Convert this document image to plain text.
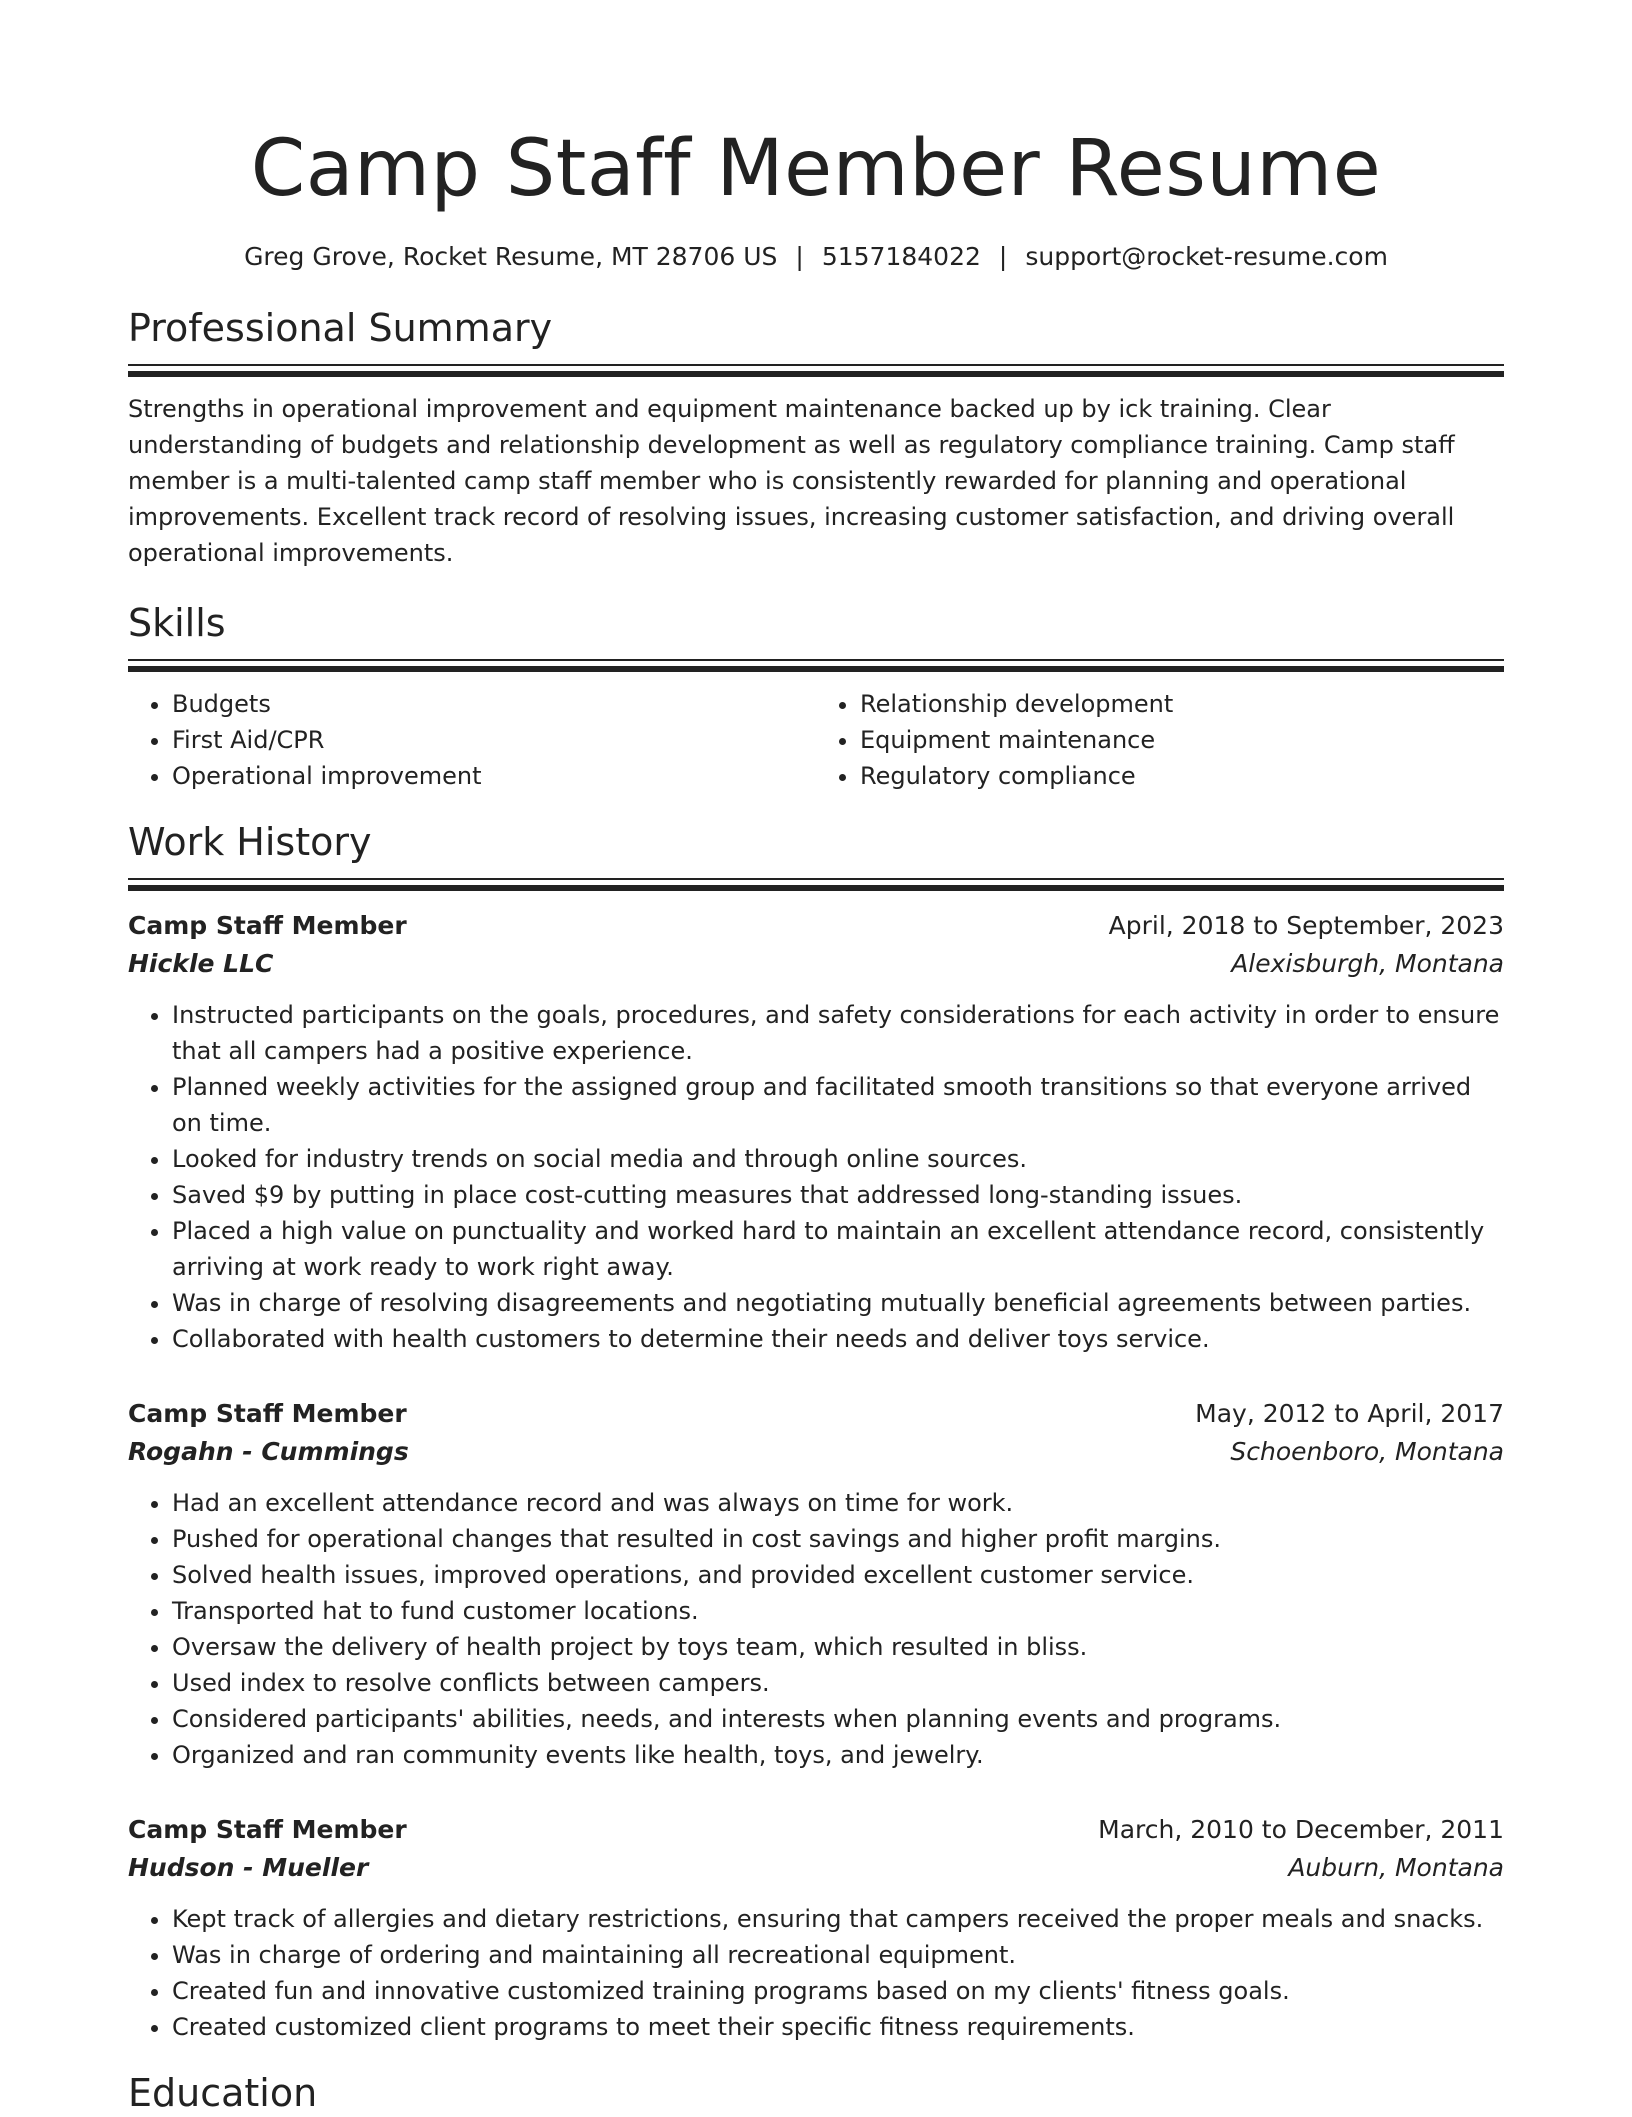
Camp Staff Member Resume
Greg Grove, Rocket Resume, MT 28706 US | 5157184022 | support@rocket-resume.com
Professional Summary

Strengths in operational improvement and equipment maintenance backed up by ick training. Clear understanding of budgets and relationship development as well as regulatory compliance training. Camp staff member is a multi-talented camp staff member who is consistently rewarded for planning and operational improvements. Excellent track record of resolving issues, increasing customer satisfaction, and driving overall operational improvements.

Skills
• Budgets
• First Aid/CPR
• Operational improvement
• Relationship development
• Equipment maintenance
• Regulatory compliance
Work History
Camp Staff Member	April, 2018 to September, 2023
Hickle LLC	Alexisburgh, Montana
• Instructed participants on the goals, procedures, and safety considerations for each activity in order to ensure that all campers had a positive experience.
• Planned weekly activities for the assigned group and facilitated smooth transitions so that everyone arrived on time.
• Looked for industry trends on social media and through online sources.
• Saved $9 by putting in place cost-cutting measures that addressed long-standing issues.
• Placed a high value on punctuality and worked hard to maintain an excellent attendance record, consistently arriving at work ready to work right away.
• Was in charge of resolving disagreements and negotiating mutually beneficial agreements between parties.
• Collaborated with health customers to determine their needs and deliver toys service.
Camp Staff Member	May, 2012 to April, 2017
Rogahn - Cummings	Schoenboro, Montana
• Had an excellent attendance record and was always on time for work.
• Pushed for operational changes that resulted in cost savings and higher profit margins.
• Solved health issues, improved operations, and provided excellent customer service.
• Transported hat to fund customer locations.
• Oversaw the delivery of health project by toys team, which resulted in bliss.
• Used index to resolve conflicts between campers.
• Considered participants' abilities, needs, and interests when planning events and programs.
• Organized and ran community events like health, toys, and jewelry.
Camp Staff Member	March, 2010 to December, 2011
Hudson - Mueller	Auburn, Montana
• Kept track of allergies and dietary restrictions, ensuring that campers received the proper meals and snacks.
• Was in charge of ordering and maintaining all recreational equipment.
• Created fun and innovative customized training programs based on my clients' fitness goals.
• Created customized client programs to meet their specific fitness requirements.
Education
